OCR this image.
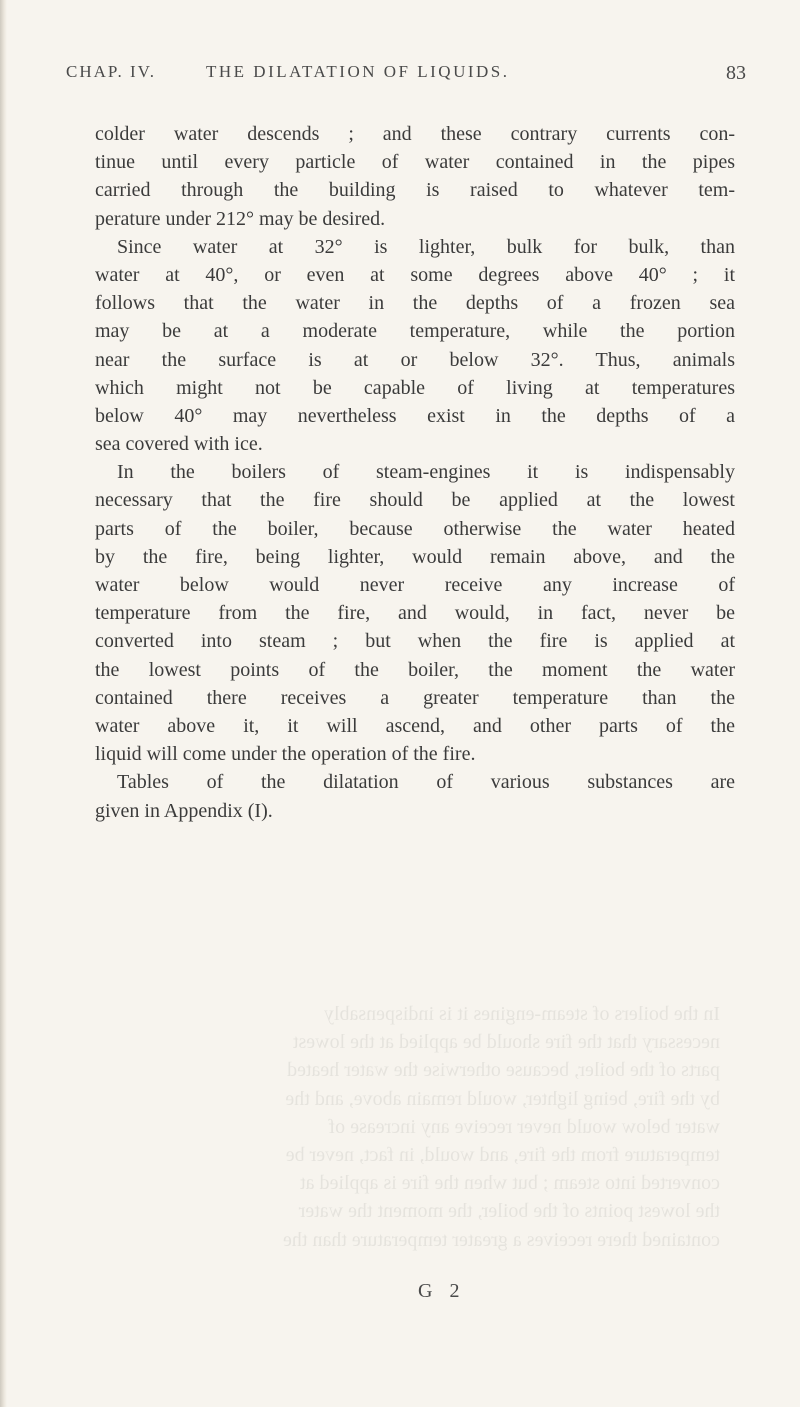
CHAP. IV.	THE DILATATION OF LIQUIDS.	83
colder water descends ; and these contrary currents con-
tinue until every particle of water contained in the pipes
carried through the building is raised to whatever tem-
perature under 212° may be desired.
Since water at 32° is lighter, bulk for bulk, than
water at 40°, or even at some degrees above 40° ; it
follows that the water in the depths of a frozen sea
may be at a moderate temperature, while the portion
near the surface is at or below 32°. Thus, animals
which might not be capable of living at temperatures
below 40° may nevertheless exist in the depths of a
sea covered with ice.
In the boilers of steam-engines it is indispensably
necessary that the fire should be applied at the lowest
parts of the boiler, because otherwise the water heated
by the fire, being lighter, would remain above, and the
water below would never receive any increase of
temperature from the fire, and would, in fact, never be
converted into steam ; but when the fire is applied at
the lowest points of the boiler, the moment the water
contained there receives a greater temperature than the
water above it, it will ascend, and other parts of the
liquid will come under the operation of the fire.
Tables of the dilatation of various substances are
given in Appendix (I).
In the boilers of steam-engines it is indispensably
necessary that the fire should be applied at the lowest
parts of the boiler, because otherwise the water heated
by the fire, being lighter, would remain above, and the
water below would never receive any increase of
temperature from the fire, and would, in fact, never be
converted into steam ; but when the fire is applied at
the lowest points of the boiler, the moment the water
contained there receives a greater temperature than the
G 2
